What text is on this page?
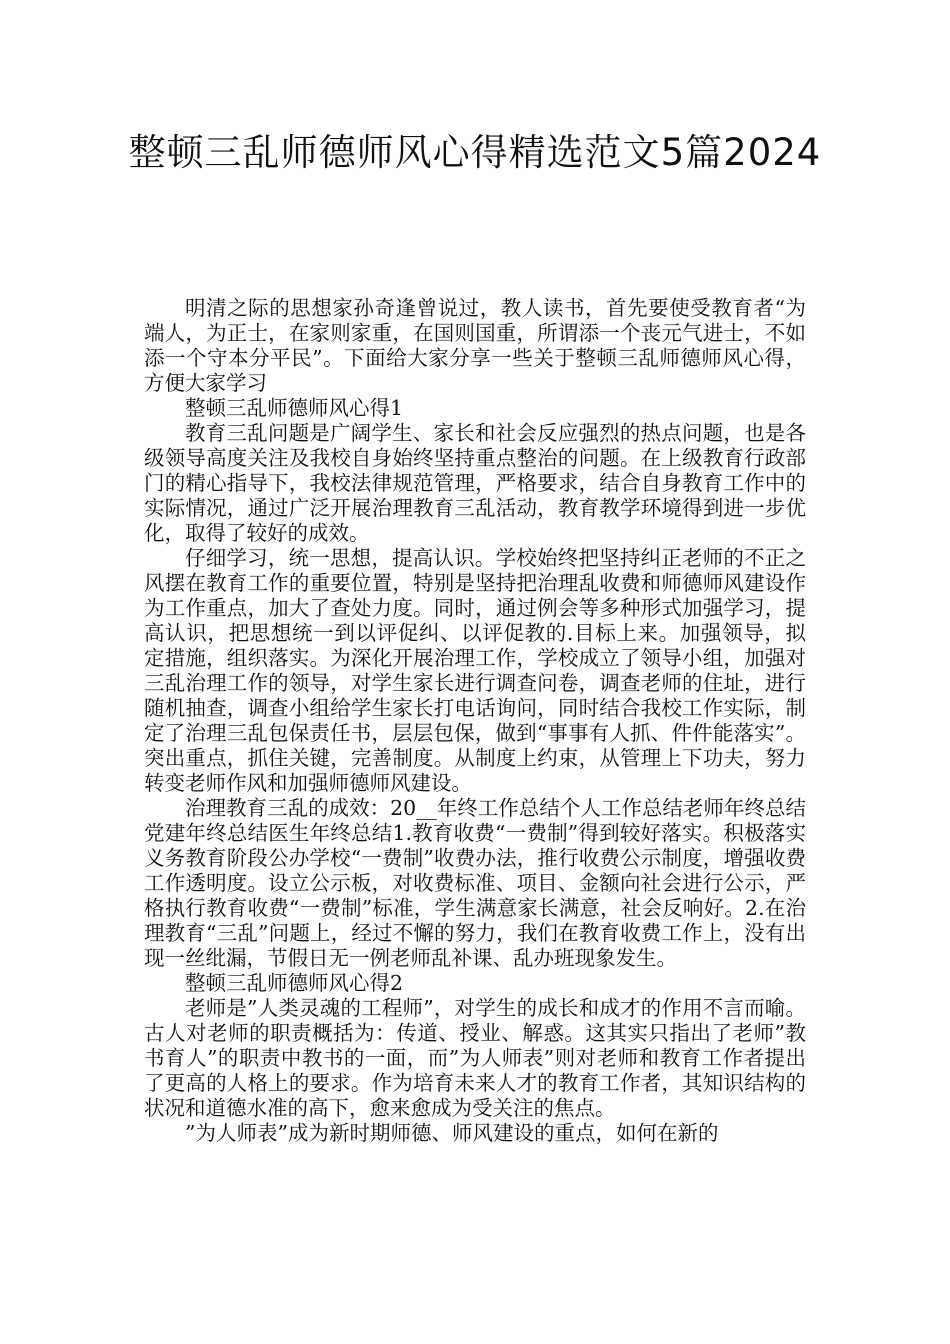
整顿三乱师德师风心得精选范文5篇2024

明清之际的思想家孙奇逢曾说过，教人读书，首先要使受教育者“为端人，为正士，在家则家重，在国则国重，所谓添一个丧元气进士，不如添一个守本分平民”。下面给大家分享一些关于整顿三乱师德师风心得，方便大家学习

整顿三乱师德师风心得1

教育三乱问题是广阔学生、家长和社会反应强烈的热点问题，也是各级领导高度关注及我校自身始终坚持重点整治的问题。在上级教育行政部门的精心指导下，我校法律规范管理，严格要求，结合自身教育工作中的实际情况，通过广泛开展治理教育三乱活动，教育教学环境得到进一步优化，取得了较好的成效。

仔细学习，统一思想，提高认识。学校始终把坚持纠正老师的不正之风摆在教育工作的重要位置，特别是坚持把治理乱收费和师德师风建设作为工作重点，加大了查处力度。同时，通过例会等多种形式加强学习，提高认识，把思想统一到以评促纠、以评促教的.目标上来。加强领导，拟定措施，组织落实。为深化开展治理工作，学校成立了领导小组，加强对三乱治理工作的领导，对学生家长进行调查问卷，调查老师的住址，进行随机抽查，调查小组给学生家长打电话询问，同时结合我校工作实际，制定了治理三乱包保责任书，层层包保，做到“事事有人抓、件件能落实”。突出重点，抓住关键，完善制度。从制度上约束，从管理上下功夫，努力转变老师作风和加强师德师风建设。

治理教育三乱的成效：20__年终工作总结个人工作总结老师年终总结党建年终总结医生年终总结1.教育收费“一费制”得到较好落实。积极落实义务教育阶段公办学校“一费制”收费办法，推行收费公示制度，增强收费工作透明度。设立公示板，对收费标准、项目、金额向社会进行公示，严格执行教育收费“一费制”标准，学生满意家长满意，社会反响好。2.在治理教育“三乱”问题上，经过不懈的努力，我们在教育收费工作上，没有出现一丝纰漏，节假日无一例老师乱补课、乱办班现象发生。

整顿三乱师德师风心得2

老师是”人类灵魂的工程师”，对学生的成长和成才的作用不言而喻。古人对老师的职责概括为：传道、授业、解惑。这其实只指出了老师”教书育人”的职责中教书的一面，而”为人师表”则对老师和教育工作者提出了更高的人格上的要求。作为培育未来人才的教育工作者，其知识结构的状况和道德水准的高下，愈来愈成为受关注的焦点。

”为人师表”成为新时期师德、师风建设的重点，如何在新的
